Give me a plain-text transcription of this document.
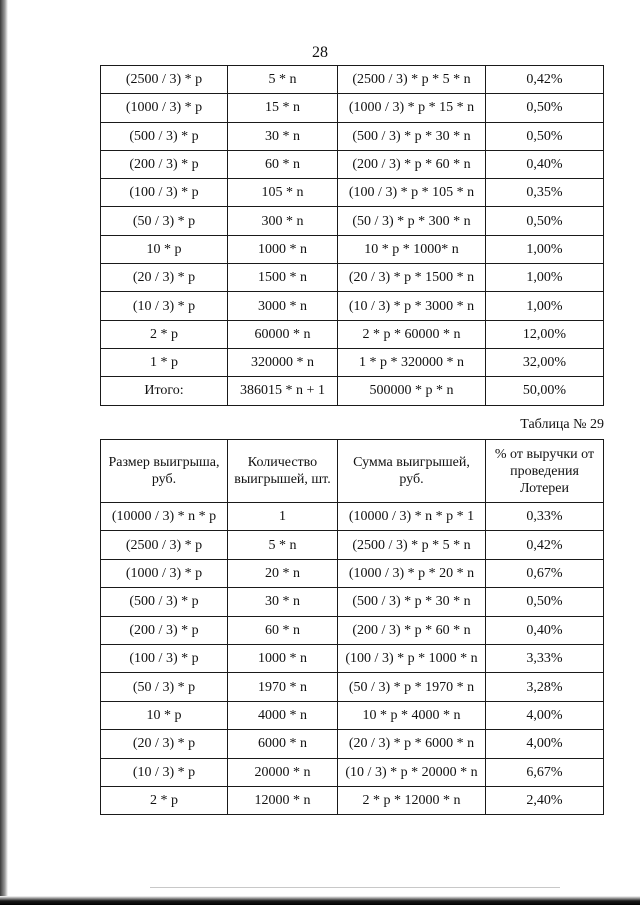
28
(2500 / 3) * p	5 * n	(2500 / 3) * p * 5 * n	0,42%
(1000 / 3) * p	15 * n	(1000 / 3) * p * 15 * n	0,50%
(500 / 3) * p	30 * n	(500 / 3) * p * 30 * n	0,50%
(200 / 3) * p	60 * n	(200 / 3) * p * 60 * n	0,40%
(100 / 3) * p	105 * n	(100 / 3) * p * 105 * n	0,35%
(50 / 3) * p	300 * n	(50 / 3) * p * 300 * n	0,50%
10 * p	1000 * n	10 * p * 1000* n	1,00%
(20 / 3) * p	1500 * n	(20 / 3) * p * 1500 * n	1,00%
(10 / 3) * p	3000 * n	(10 / 3) * p * 3000 * n	1,00%
2 * p	60000 * n	2 * p * 60000 * n	12,00%
1 * p	320000 * n	1 * p * 320000 * n	32,00%
Итого:	386015 * n + 1	500000 * p * n	50,00%
Таблица № 29
Размер выигрыша, руб.	Количество выигрышей, шт.	Сумма выигрышей, руб.	% от выручки от проведения Лотереи
(10000 / 3) * n * p	1	(10000 / 3) * n * p * 1	0,33%
(2500 / 3) * p	5 * n	(2500 / 3) * p * 5 * n	0,42%
(1000 / 3) * p	20 * n	(1000 / 3) * p * 20 * n	0,67%
(500 / 3) * p	30 * n	(500 / 3) * p * 30 * n	0,50%
(200 / 3) * p	60 * n	(200 / 3) * p * 60 * n	0,40%
(100 / 3) * p	1000 * n	(100 / 3) * p * 1000 * n	3,33%
(50 / 3) * p	1970 * n	(50 / 3) * p * 1970 * n	3,28%
10 * p	4000 * n	10 * p * 4000 * n	4,00%
(20 / 3) * p	6000 * n	(20 / 3) * p * 6000 * n	4,00%
(10 / 3) * p	20000 * n	(10 / 3) * p * 20000 * n	6,67%
2 * p	12000 * n	2 * p * 12000 * n	2,40%
